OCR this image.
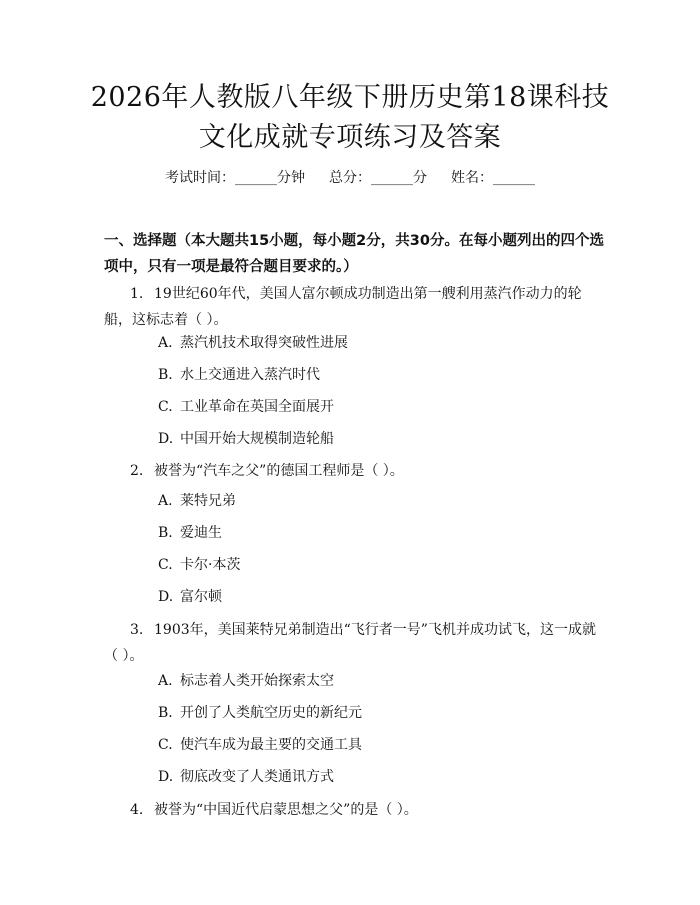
2026年人教版八年级下册历史第18课科技文化成就专项练习及答案
考试时间：______分钟 总分：______分 姓名：______
一、选择题（本大题共15小题，每小题2分，共30分。在每小题列出的四个选项中，只有一项是最符合题目要求的。）
1. 19世纪60年代，美国人富尔顿成功制造出第一艘利用蒸汽作动力的轮船，这标志着（ ）。
A. 蒸汽机技术取得突破性进展
B. 水上交通进入蒸汽时代
C. 工业革命在英国全面展开
D. 中国开始大规模制造轮船
2. 被誉为“汽车之父”的德国工程师是（ ）。
A. 莱特兄弟
B. 爱迪生
C. 卡尔·本茨
D. 富尔顿
3. 1903年，美国莱特兄弟制造出“飞行者一号”飞机并成功试飞，这一成就（ ）。
A. 标志着人类开始探索太空
B. 开创了人类航空历史的新纪元
C. 使汽车成为最主要的交通工具
D. 彻底改变了人类通讯方式
4. 被誉为“中国近代启蒙思想之父”的是（ ）。
